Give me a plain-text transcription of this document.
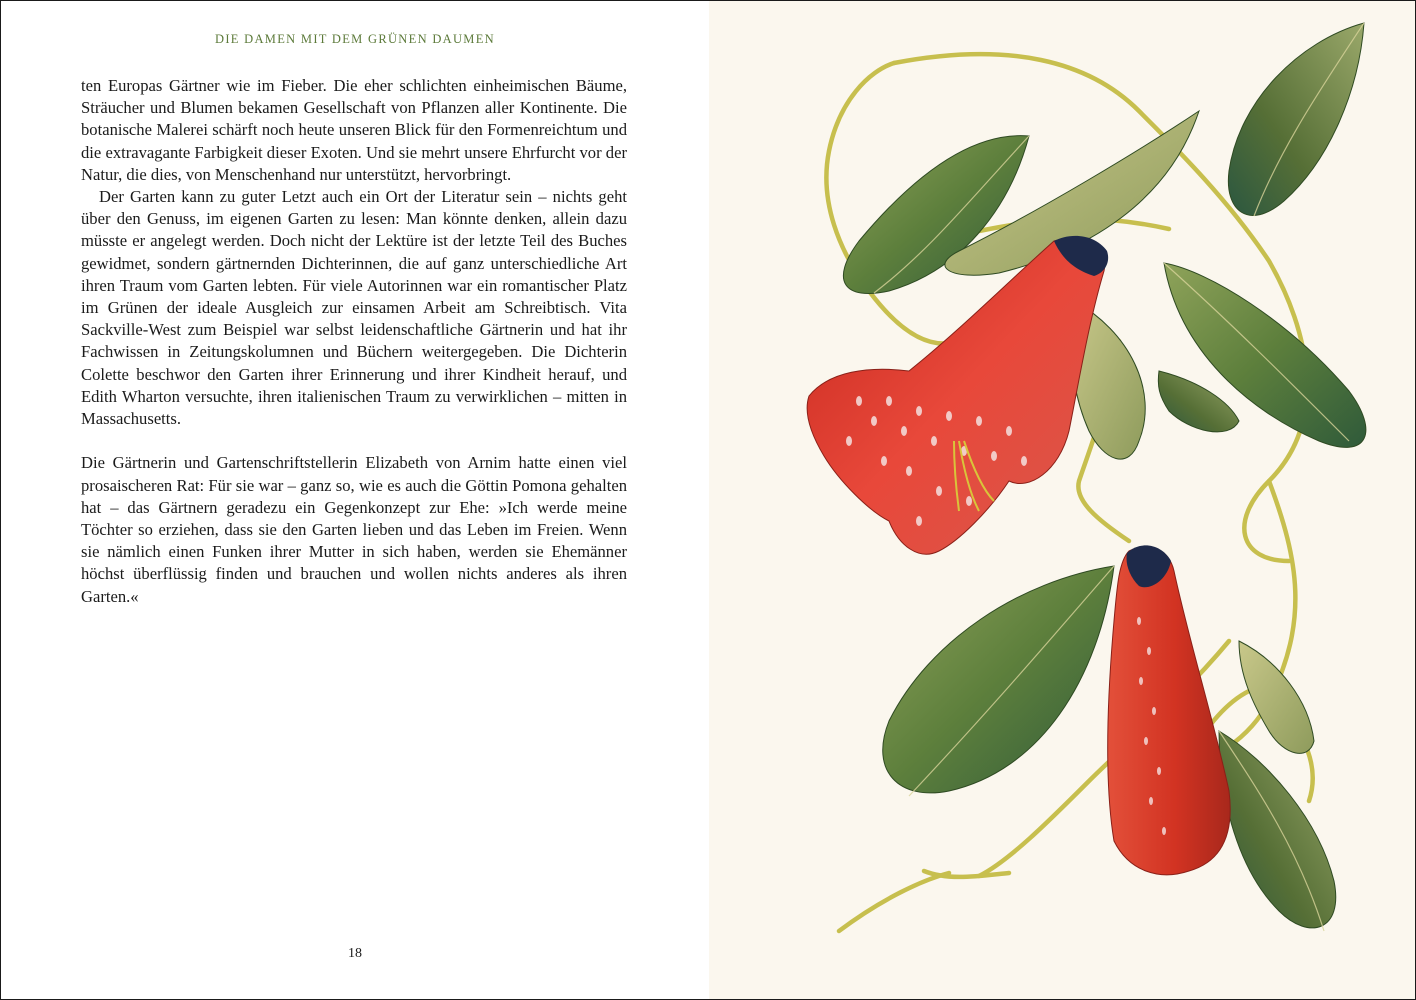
DIE DAMEN MIT DEM GRÜNEN DAUMEN

ten Europas Gärtner wie im Fieber. Die eher schlichten einheimischen Bäume, Sträucher und Blumen bekamen Gesellschaft von Pflanzen aller Kontinente. Die botanische Malerei schärft noch heute unseren Blick für den Formenreichtum und die extravagante Farbigkeit dieser Exoten. Und sie mehrt unsere Ehrfurcht vor der Natur, die dies, von Menschenhand nur unterstützt, hervorbringt.

Der Garten kann zu guter Letzt auch ein Ort der Literatur sein – nichts geht über den Genuss, im eigenen Garten zu lesen: Man könnte denken, allein dazu müsste er angelegt werden. Doch nicht der Lektüre ist der letzte Teil des Buches gewidmet, sondern gärtnernden Dichterinnen, die auf ganz unterschiedliche Art ihren Traum vom Garten lebten. Für viele Autorinnen war ein romantischer Platz im Grünen der ideale Ausgleich zur einsamen Arbeit am Schreibtisch. Vita Sackville-West zum Beispiel war selbst leidenschaftliche Gärtnerin und hat ihr Fachwissen in Zeitungskolumnen und Büchern weitergegeben. Die Dichterin Colette beschwor den Garten ihrer Erinnerung und ihrer Kindheit herauf, und Edith Wharton versuchte, ihren italienischen Traum zu verwirklichen – mitten in Massachusetts.

Die Gärtnerin und Gartenschriftstellerin Elizabeth von Arnim hatte einen viel prosaischeren Rat: Für sie war – ganz so, wie es auch die Göttin Pomona gehalten hat – das Gärtnern geradezu ein Gegenkonzept zur Ehe: »Ich werde meine Töchter so erziehen, dass sie den Garten lieben und das Leben im Freien. Wenn sie nämlich einen Funken ihrer Mutter in sich haben, werden sie Ehemänner höchst überflüssig finden und brauchen und wollen nichts anderes als ihren Garten.«

18
